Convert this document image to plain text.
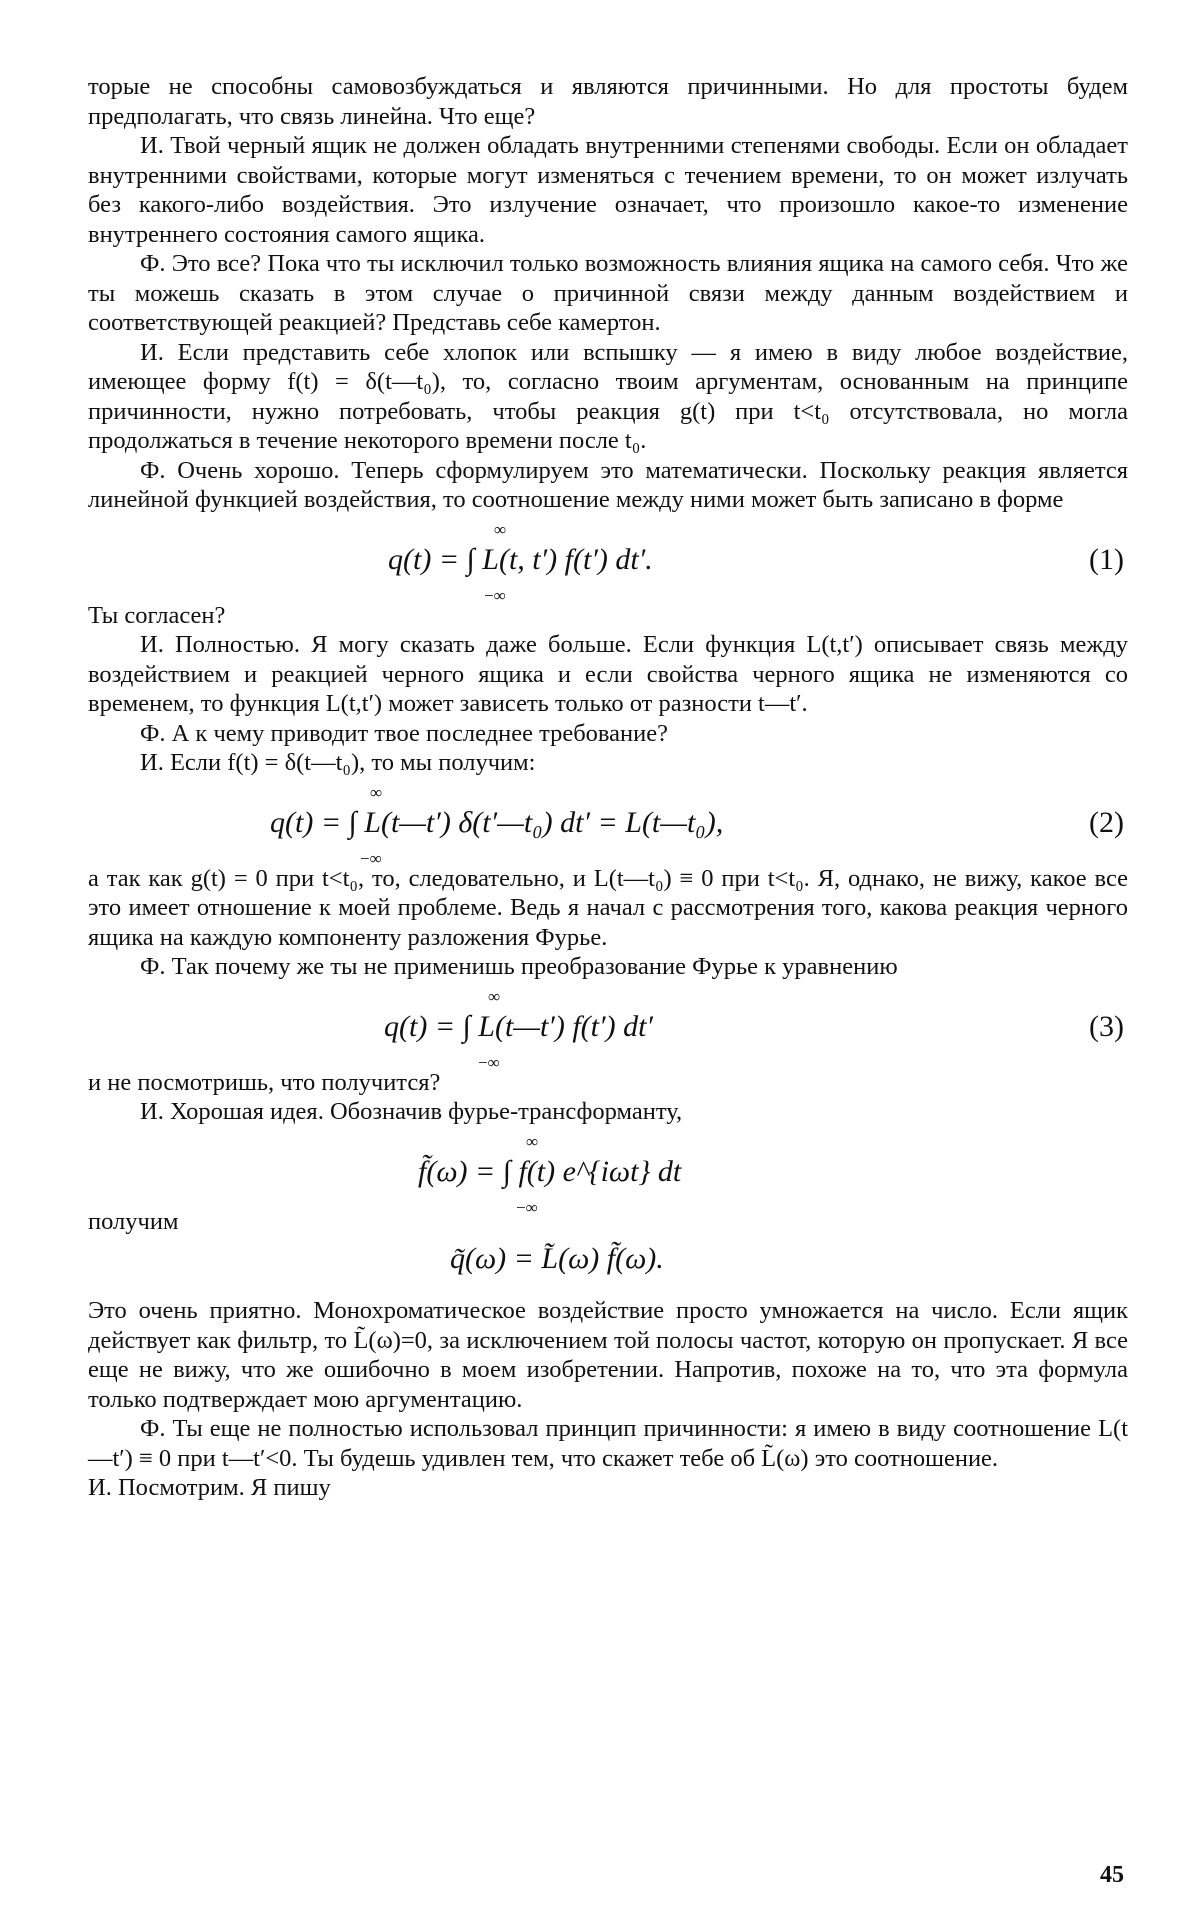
торые не способны самовозбуждаться и являются причинными. Но для простоты будем предполагать, что связь линейна. Что еще?

И. Твой черный ящик не должен обладать внутренними степенями свободы. Если он обладает внутренними свойствами, которые могут изменяться с течением времени, то он может излучать без какого-либо воздействия. Это излучение означает, что произошло какое-то изменение внутреннего состояния самого ящика.

Ф. Это все? Пока что ты исключил только возможность влияния ящика на самого себя. Что же ты можешь сказать в этом случае о причинной связи между данным воздействием и соответствующей реакцией? Представь себе камертон.

И. Если представить себе хлопок или вспышку — я имею в виду любое воздействие, имеющее форму f(t) = δ(t—t₀), то, согласно твоим аргументам, основанным на принципе причинности, нужно потребовать, чтобы реакция g(t) при t<t₀ отсутствовала, но могла продолжаться в течение некоторого времени после t₀.

Ф. Очень хорошо. Теперь сформулируем это математически. Поскольку реакция является линейной функцией воздействия, то соотношение между ними может быть записано в форме

∞
q(t) = ∫ L(t, t′) f(t′) dt′.
−∞
(1)

Ты согласен?

И. Полностью. Я могу сказать даже больше. Если функция L(t,t′) описывает связь между воздействием и реакцией черного ящика и если свойства черного ящика не изменяются со временем, то функция L(t,t′) может зависеть только от разности t—t′.

Ф. А к чему приводит твое последнее требование?

И. Если f(t) = δ(t—t₀), то мы получим:

∞
q(t) = ∫ L(t—t′) δ(t′—t₀) dt′ = L(t—t₀),
−∞
(2)

а так как g(t) = 0 при t<t₀, то, следовательно, и L(t—t₀) ≡ 0 при t<t₀. Я, однако, не вижу, какое все это имеет отношение к моей проблеме. Ведь я начал с рассмотрения того, какова реакция черного ящика на каждую компоненту разложения Фурье.

Ф. Так почему же ты не применишь преобразование Фурье к уравнению

∞
q(t) = ∫ L(t—t′) f(t′) dt′
−∞
(3)

и не посмотришь, что получится?

И. Хорошая идея. Обозначив фурье-трансформанту,

∞
f̃(ω) = ∫ f(t) e^{iωt} dt
−∞

получим

q̃(ω) = L̃(ω) f̃(ω).

Это очень приятно. Монохроматическое воздействие просто умножается на число. Если ящик действует как фильтр, то L̃(ω)=0, за исключением той полосы частот, которую он пропускает. Я все еще не вижу, что же ошибочно в моем изобретении. Напротив, похоже на то, что эта формула только подтверждает мою аргументацию.

Ф. Ты еще не полностью использовал принцип причинности: я имею в виду соотношение L(t—t′) ≡ 0 при t—t′<0. Ты будешь удивлен тем, что скажет тебе об L̃(ω) это соотношение.

И. Посмотрим. Я пишу

45
